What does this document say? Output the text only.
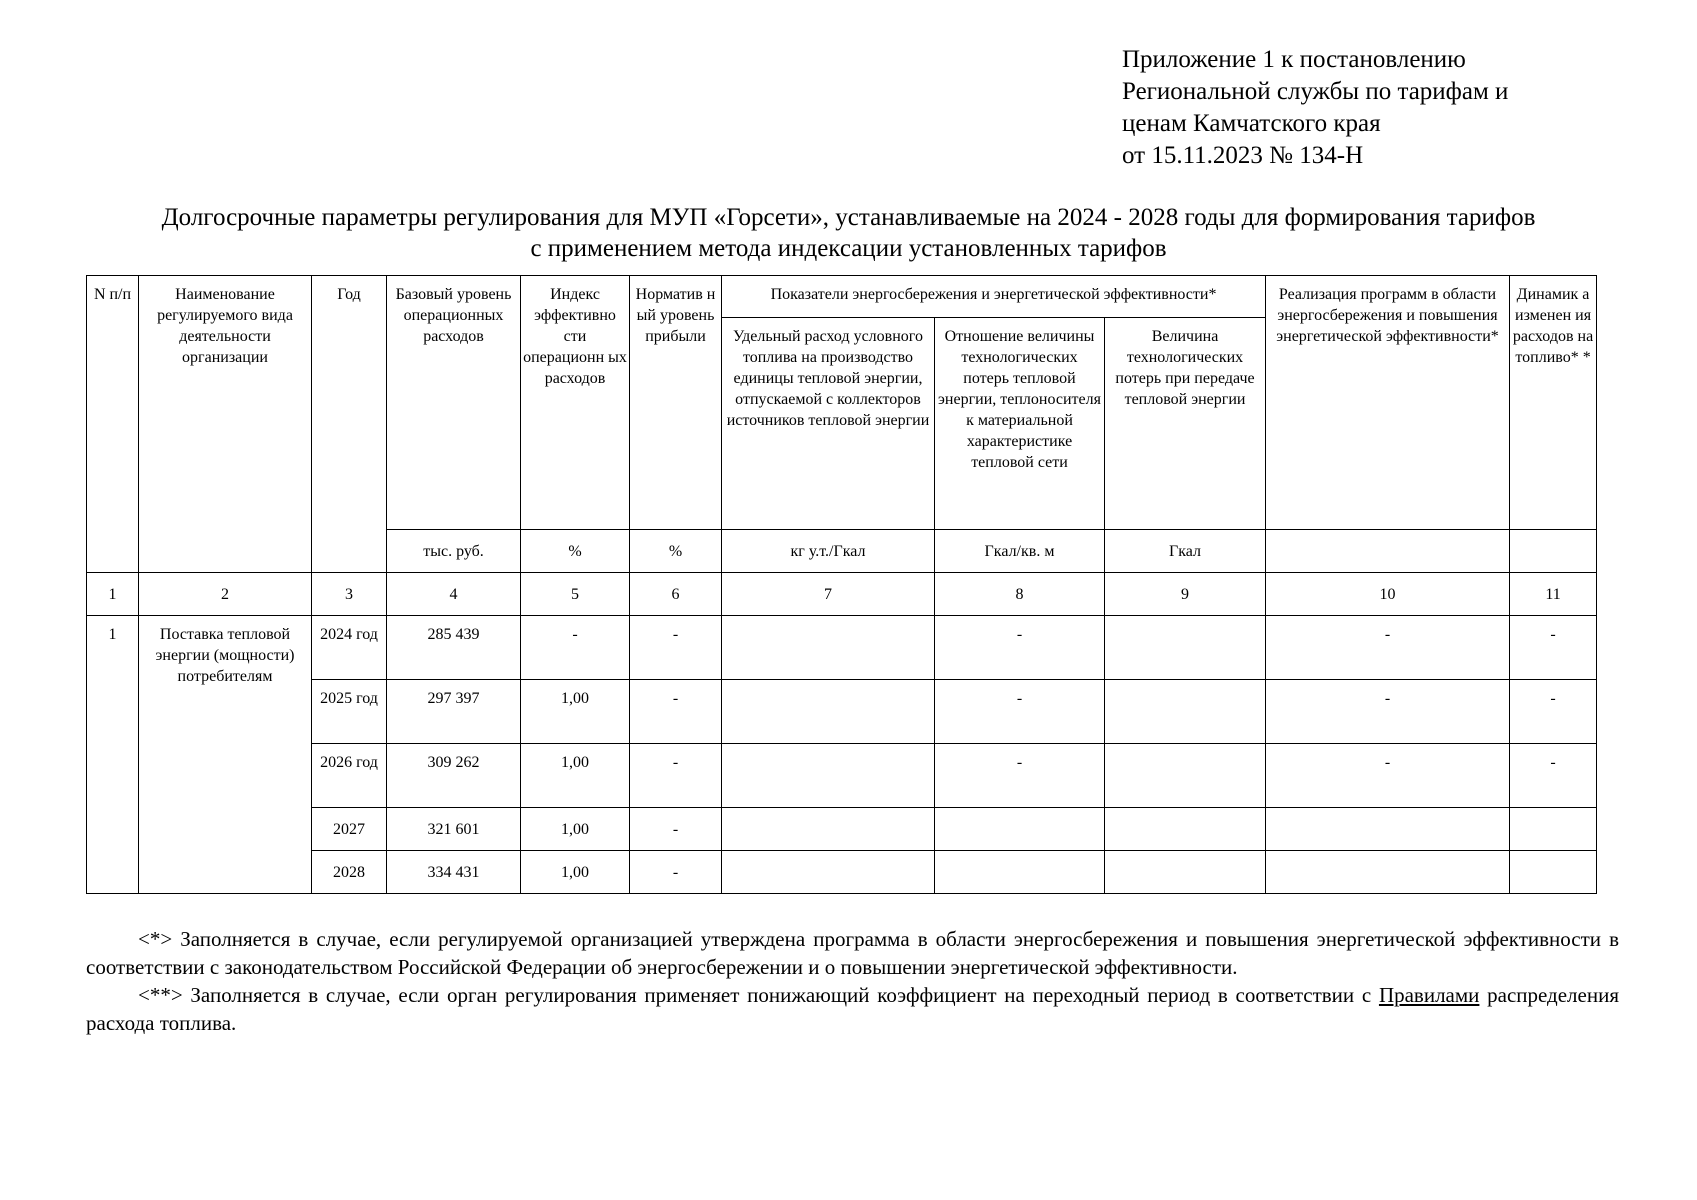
Приложение 1 к постановлению
Региональной службы по тарифам и
ценам Камчатского края
от 15.11.2023 № 134-Н
Долгосрочные параметры регулирования для МУП «Горсети», устанавливаемые на 2024 - 2028 годы для формирования тарифов
с применением метода индексации установленных тарифов
N п/п	Наименование регулируемого вида деятельности организации	Год	Базовый уровень операционных расходов	Индекс эффективно сти операционн ых расходов	Норматив ный уровень прибыли	Показатели энергосбережения и энергетической эффективности*			Реализация программ в области энергосбережения и повышения энергетической эффективности*	Динамик а изменен ия расходов на топливо* *
						Удельный расход условного топлива на производство единицы тепловой энергии, отпускаемой с коллекторов источников тепловой энергии	Отношение величины технологических потерь тепловой энергии, теплоносителя к материальной характеристике тепловой сети	Величина технологических потерь при передаче тепловой энергии		
			тыс. руб.	%	%	кг у.т./Гкал	Гкал/кв. м	Гкал		
1	2	3	4	5	6	7	8	9	10	11
1	Поставка тепловой энергии (мощности) потребителям	2024 год	285 439	-	-		-		-	-
		2025 год	297 397	1,00	-		-		-	-
		2026 год	309 262	1,00	-		-		-	-
		2027	321 601	1,00	-					
		2028	334 431	1,00	-					

<*> Заполняется в случае, если регулируемой организацией утверждена программа в области энергосбережения и повышения энергетической эффективности в соответствии с законодательством Российской Федерации об энергосбережении и о повышении энергетической эффективности.

<**> Заполняется в случае, если орган регулирования применяет понижающий коэффициент на переходный период в соответствии с Правилами распределения расхода топлива.
